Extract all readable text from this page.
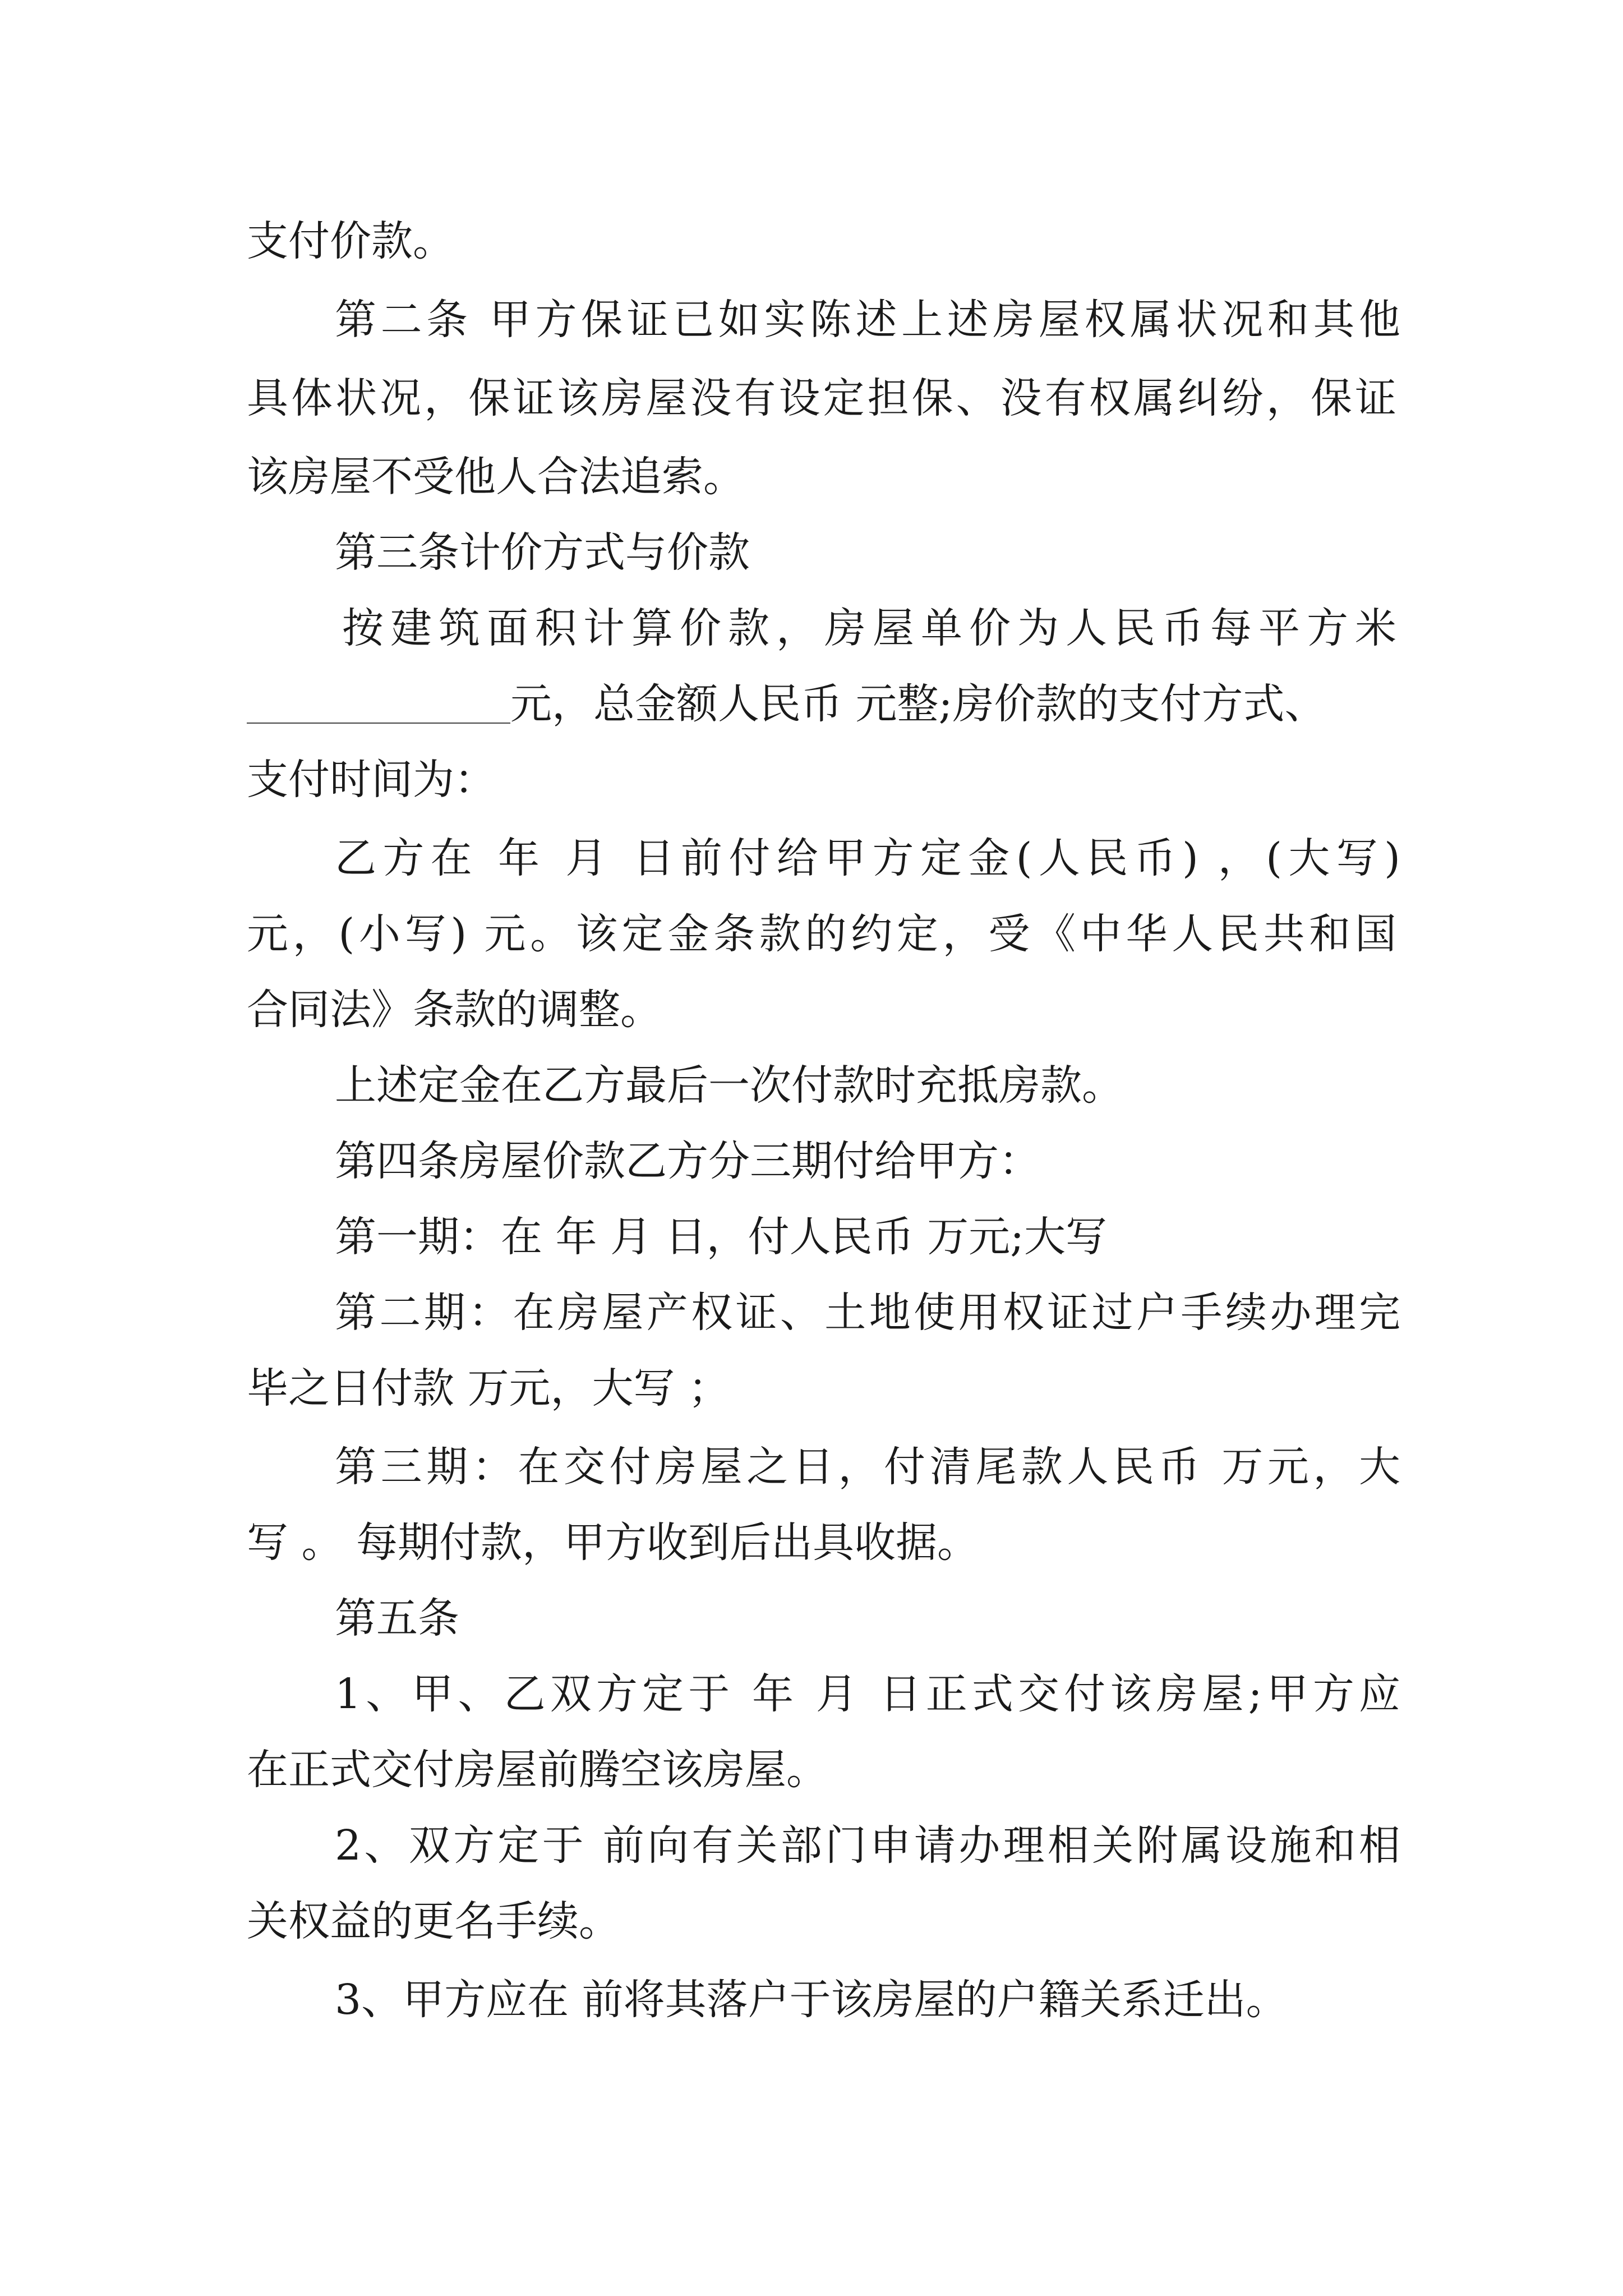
支付价款。
第二条 甲方保证已如实陈述上述房屋权属状况和其他
具体状况，保证该房屋没有设定担保、没有权属纠纷，保证
该房屋不受他人合法追索。
第三条计价方式与价款
按建筑面积计算价款，房屋单价为人民币每平方米
元，总金额人民币 元整;房价款的支付方式、
支付时间为：
乙方在 年 月 日前付给甲方定金(人民币) ，(大写)
元，(小写) 元。该定金条款的约定，受《中华人民共和国
合同法》条款的调整。
上述定金在乙方最后一次付款时充抵房款。
第四条房屋价款乙方分三期付给甲方：
第一期：在 年 月 日，付人民币 万元;大写
第二期：在房屋产权证、土地使用权证过户手续办理完
毕之日付款 万元，大写 ；
第三期：在交付房屋之日，付清尾款人民币 万元，大
写 。 每期付款，甲方收到后出具收据。
第五条
1、甲、乙双方定于 年 月 日正式交付该房屋;甲方应
在正式交付房屋前腾空该房屋。
2、双方定于 前向有关部门申请办理相关附属设施和相
关权益的更名手续。
3、甲方应在 前将其落户于该房屋的户籍关系迁出。
